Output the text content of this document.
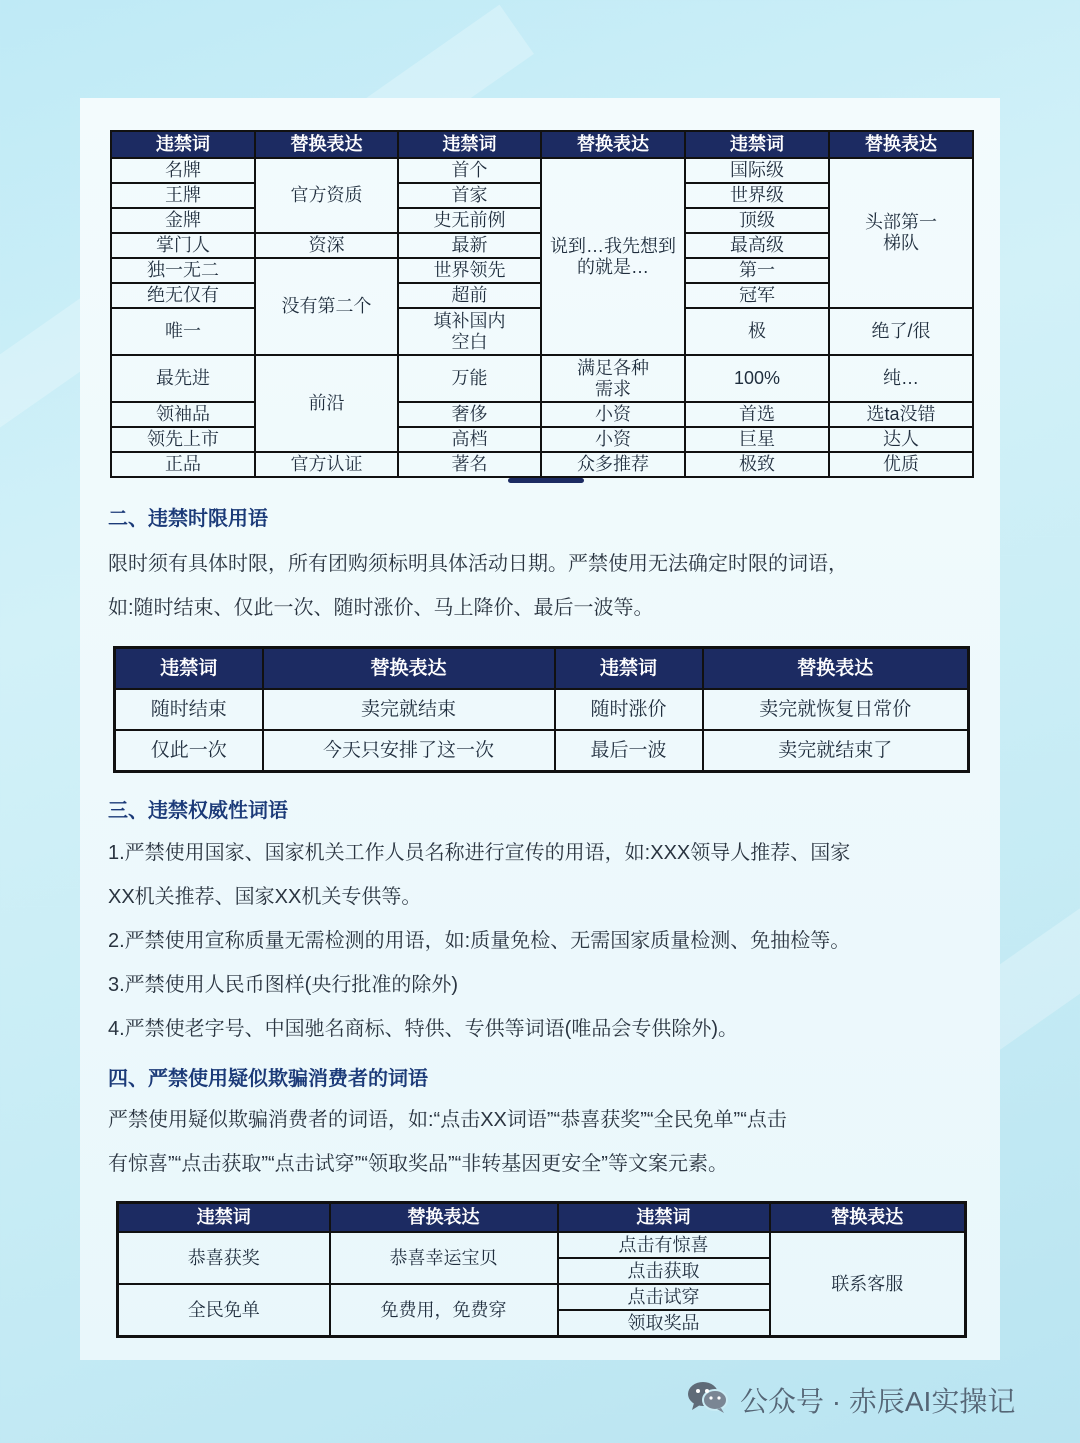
违禁词	替换表达	违禁词	替换表达	违禁词	替换表达
名牌	官方资质	首个	说到…我先想到的就是…	国际级	头部第一梯队
王牌		首家		世界级	
金牌		史无前例		顶级	
掌门人	资深	最新		最高级	
独一无二	没有第二个	世界领先		第一	
绝无仅有		超前		冠军	
唯一		填补国内空白		极	绝了/很
最先进	前沿	万能	满足各种需求	100%	纯…
领袖品		奢侈	小资	首选	选ta没错
领先上市		高档	小资	巨星	达人
正品	官方认证	著名	众多推荐	极致	优质
二、违禁时限用语
限时须有具体时限，所有团购须标明具体活动日期。严禁使用无法确定时限的词语，
如:随时结束、仅此一次、随时涨价、马上降价、最后一波等。
违禁词	替换表达	违禁词	替换表达
随时结束	卖完就结束	随时涨价	卖完就恢复日常价
仅此一次	今天只安排了这一次	最后一波	卖完就结束了
三、违禁权威性词语
1.严禁使用国家、国家机关工作人员名称进行宣传的用语，如:XXX领导人推荐、国家
XX机关推荐、国家XX机关专供等。
2.严禁使用宣称质量无需检测的用语，如:质量免检、无需国家质量检测、免抽检等。
3.严禁使用人民币图样(央行批准的除外)
4.严禁使老字号、中国驰名商标、特供、专供等词语(唯品会专供除外)。
四、严禁使用疑似欺骗消费者的词语
严禁使用疑似欺骗消费者的词语，如:“点击XX词语”“恭喜获奖”“全民免单”“点击
有惊喜”“点击获取”“点击试穿”“领取奖品”“非转基因更安全”等文案元素。
违禁词	替换表达	违禁词	替换表达
恭喜获奖	恭喜幸运宝贝	点击有惊喜	联系客服
		点击获取	
全民免单	免费用，免费穿	点击试穿	
		领取奖品	
公众号 · 赤辰AI实操记
